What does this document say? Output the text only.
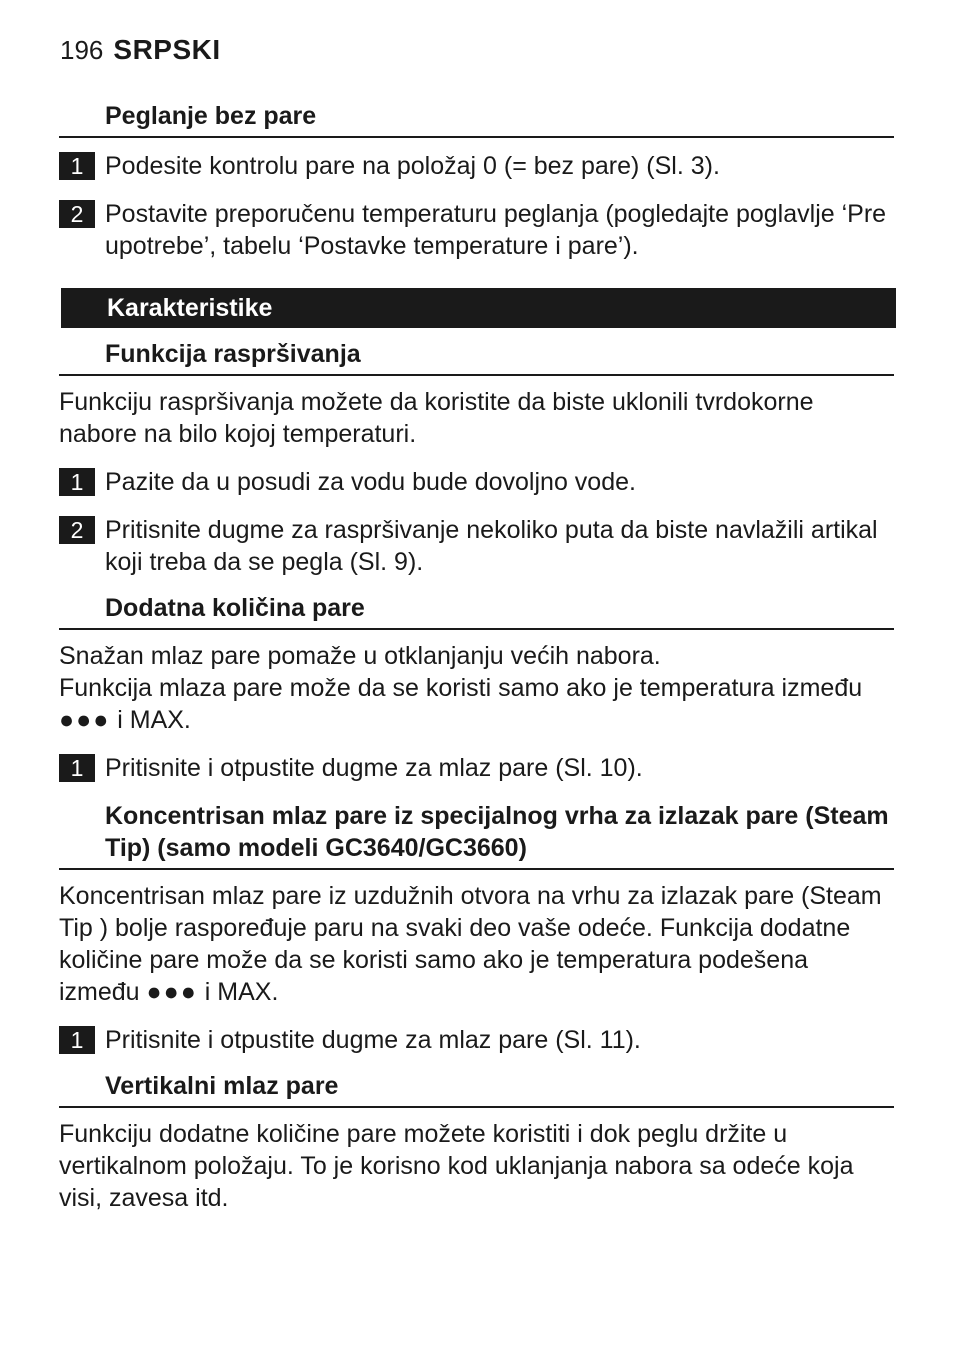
196 SRPSKI
Peglanje bez pare
1 Podesite kontrolu pare na položaj 0 (= bez pare) (Sl. 3).
2 Postavite preporučenu temperaturu peglanja (pogledajte poglavlje ‘Pre upotrebe’, tabelu ‘Postavke temperature i pare’).
Karakteristike
Funkcija raspršivanja
Funkciju raspršivanja možete da koristite da biste uklonili tvrdokorne nabore na bilo kojoj temperaturi.
1 Pazite da u posudi za vodu bude dovoljno vode.
2 Pritisnite dugme za raspršivanje nekoliko puta da biste navlažili artikal koji treba da se pegla (Sl. 9).
Dodatna količina pare
Snažan mlaz pare pomaže u otklanjanju većih nabora.
Funkcija mlaza pare može da se koristi samo ako je temperatura između
●●● i MAX.
1 Pritisnite i otpustite dugme za mlaz pare (Sl. 10).
Koncentrisan mlaz pare iz specijalnog vrha za izlazak pare (Steam Tip) (samo modeli GC3640/GC3660)
Koncentrisan mlaz pare iz uzdužnih otvora na vrhu za izlazak pare (Steam Tip ) bolje raspoređuje paru na svaki deo vaše odeće. Funkcija dodatne količine pare može da se koristi samo ako je temperatura podešena između ●●● i MAX.
1 Pritisnite i otpustite dugme za mlaz pare (Sl. 11).
Vertikalni mlaz pare
Funkciju dodatne količine pare možete koristiti i dok peglu držite u vertikalnom položaju. To je korisno kod uklanjanja nabora sa odeće koja visi, zavesa itd.
